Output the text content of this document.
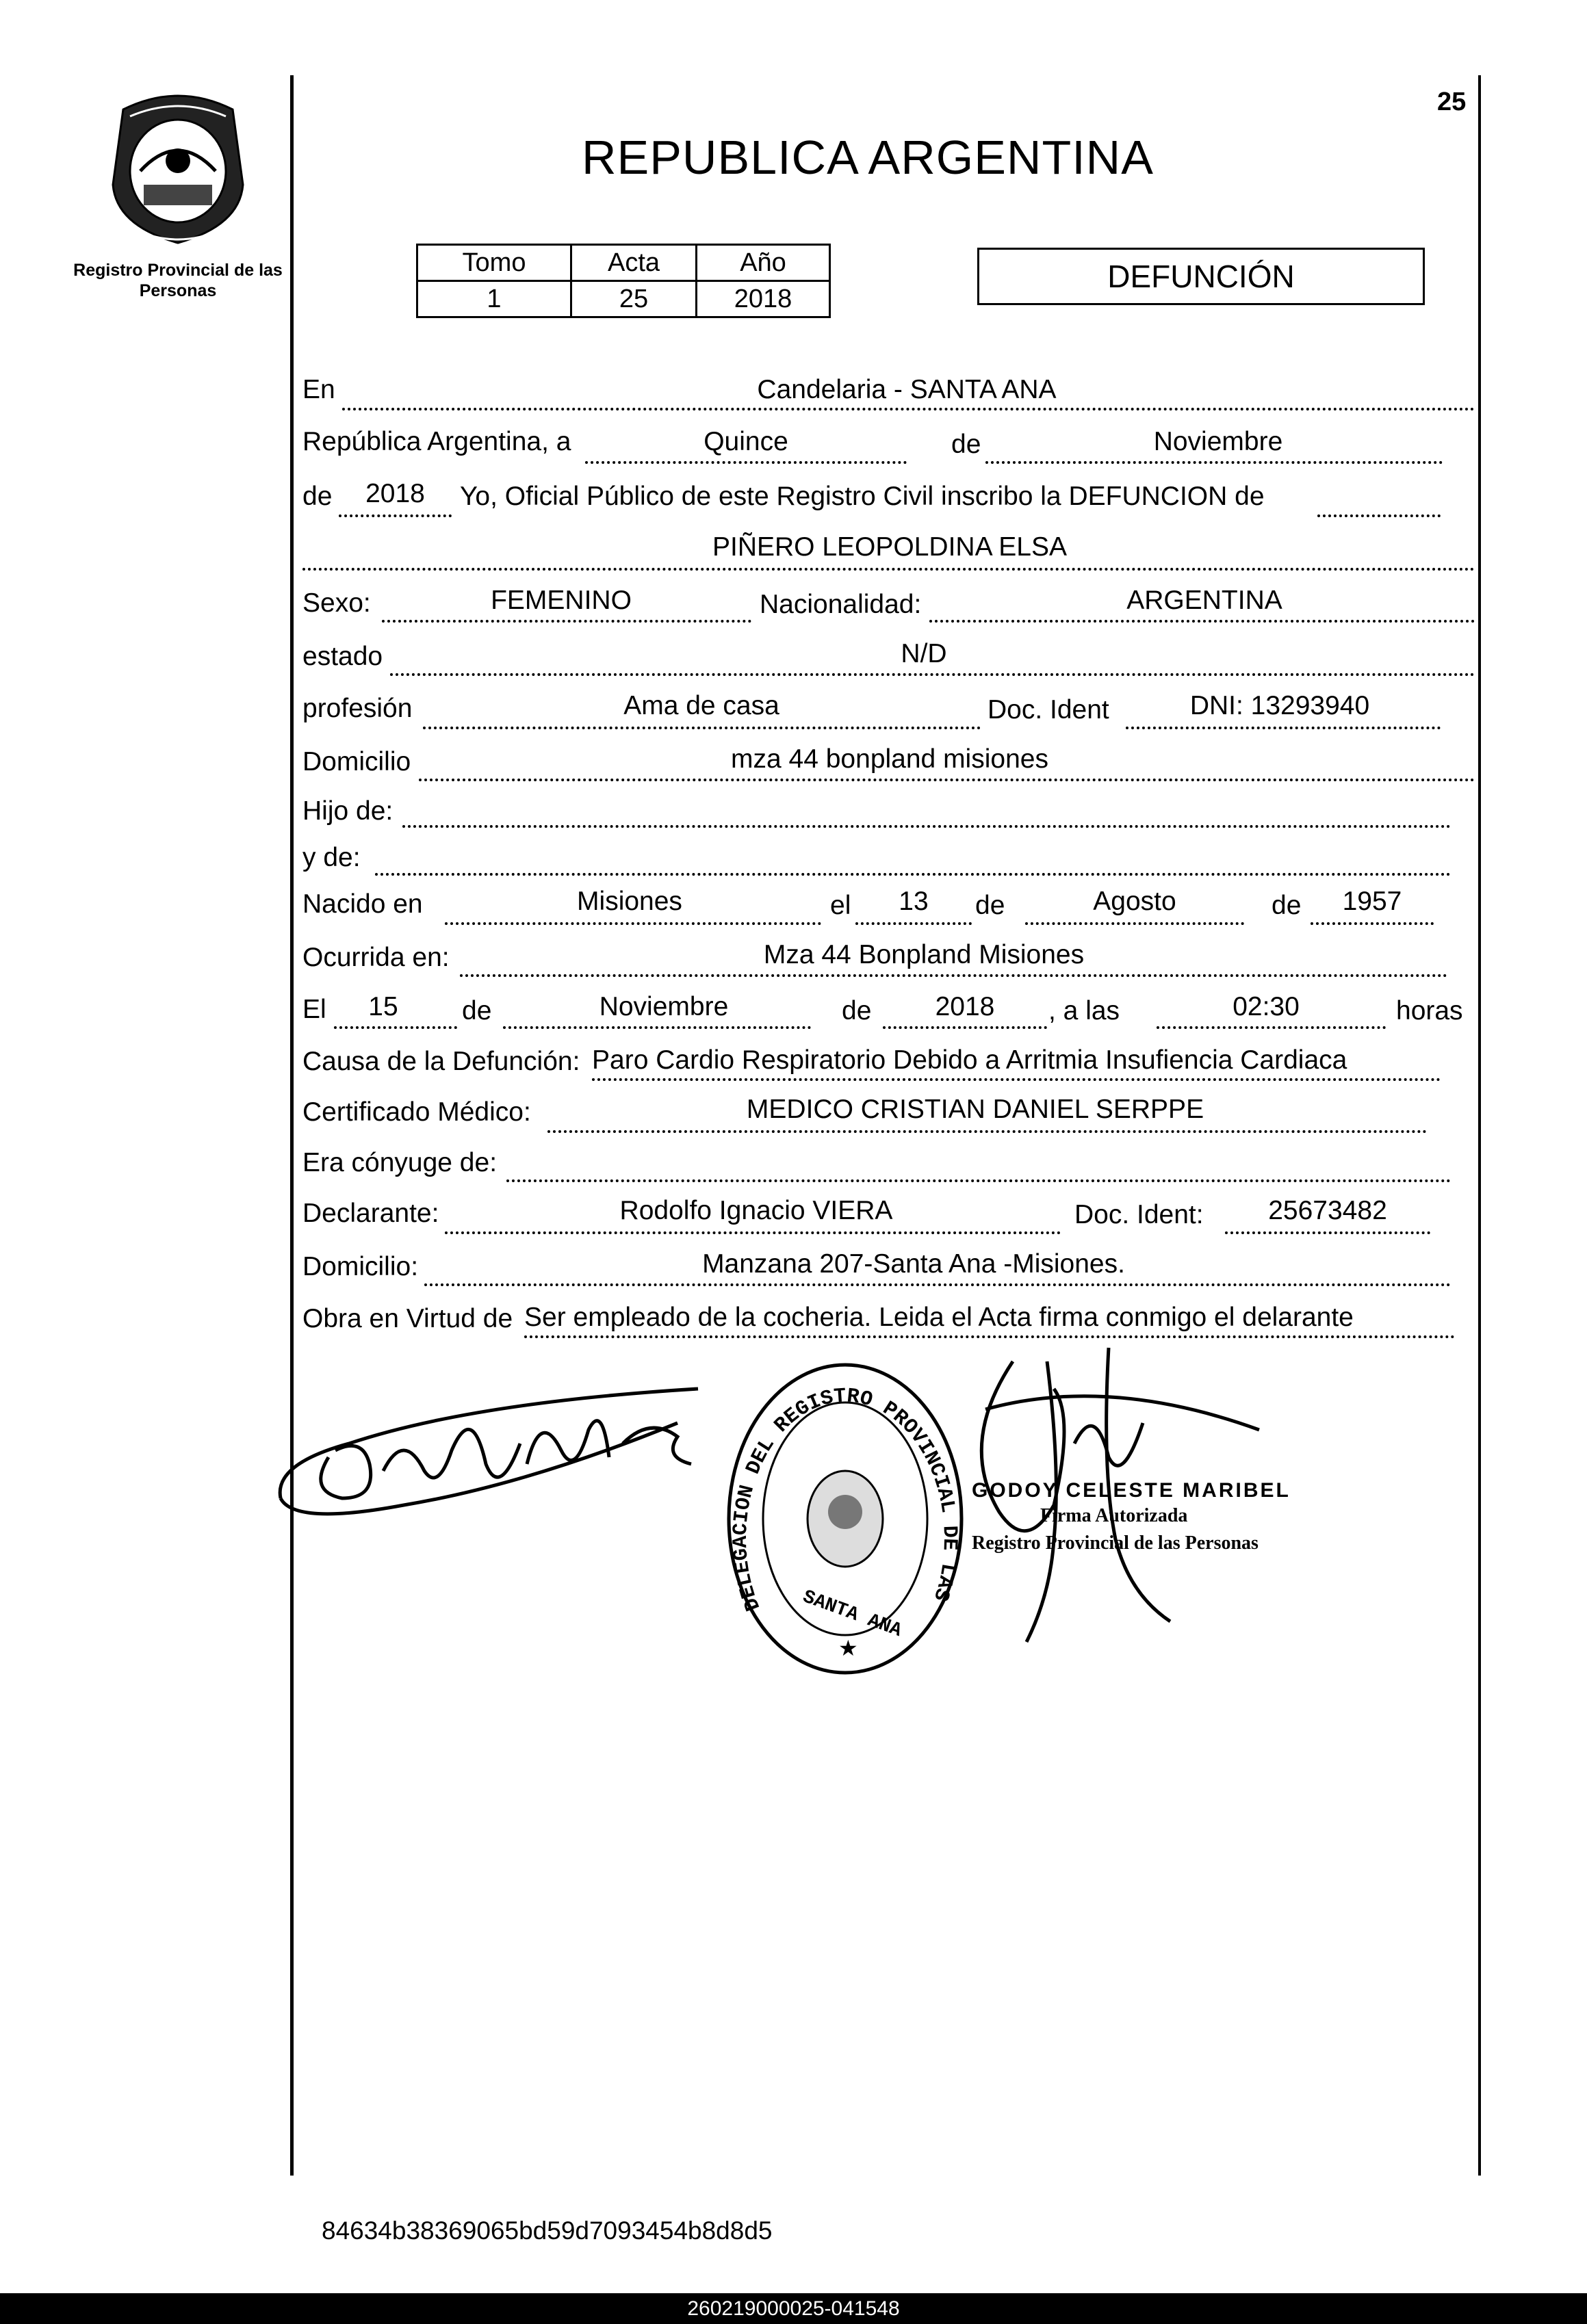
Registro Provincial de las Personas
25
REPUBLICA ARGENTINA
Tomo	Acta	Año
1	25	2018
DEFUNCIÓN
En	Candelaria - SANTA ANA
República Argentina, a	Quince	de	Noviembre
de	2018	Yo, Oficial Público de este Registro Civil inscribo la DEFUNCION de
PIÑERO LEOPOLDINA ELSA
Sexo:	FEMENINO	Nacionalidad:	ARGENTINA
estado	N/D
profesión	Ama de casa	Doc. Ident	DNI: 13293940
Domicilio	mza 44 bonpland misiones
Hijo de:
y de:
Nacido en	Misiones	el	13	de	Agosto	de	1957
Ocurrida en:	Mza 44 Bonpland Misiones
El	15	de	Noviembre	de	2018	, a las	02:30	horas
Causa de la Defunción: Paro Cardio Respiratorio Debido a Arritmia Insufiencia Cardiaca
Certificado Médico:	MEDICO CRISTIAN DANIEL SERPPE
Era cónyuge de:
Declarante:	Rodolfo Ignacio VIERA	Doc. Ident:	25673482
Domicilio:	Manzana 207-Santa Ana -Misiones.
Obra en Virtud de Ser empleado de la cocheria. Leida el Acta firma conmigo el delarante
DELEGACION DEL REGISTRO PROVINCIAL DE LAS PERSONAS
SANTA ANA
★
GODOY CELESTE MARIBEL
Firma Autorizada
Registro Provincial de las Personas
84634b38369065bd59d7093454b8d8d5
260219000025-041548
